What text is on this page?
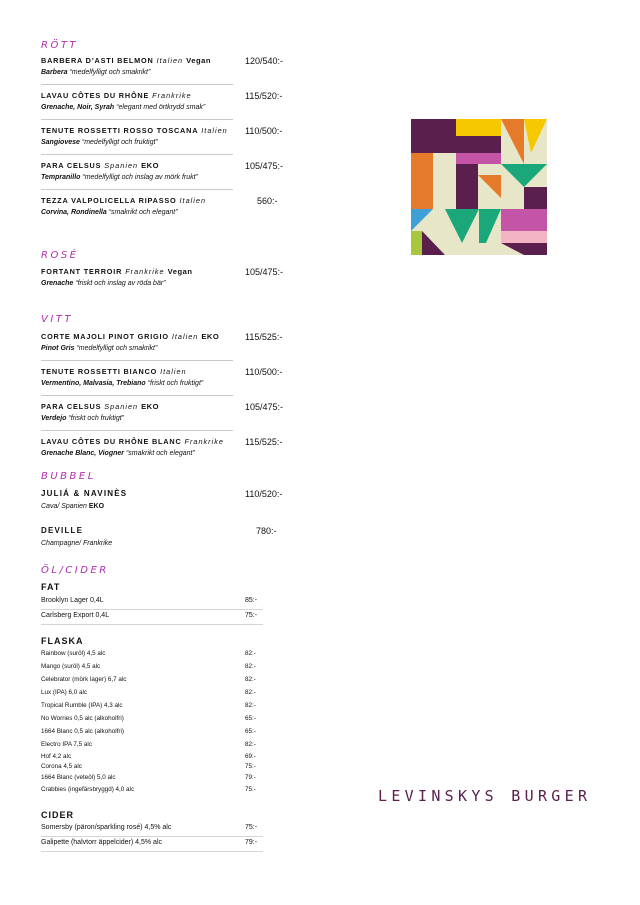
RÖTT
BARBERA D’ASTI BELMON Italien Vegan
Barbera “medelfylligt och smakrikt”
120/540:-
LAVAU CÔTES DU RHÔNE Frankrike
Grenache, Noir, Syrah “elegant med örtkrydd smak”
115/520:-
TENUTE ROSSETTI ROSSO TOSCANA Italien
Sangiovese “medelfylligt och fruktigt”
110/500:-
PARA CELSUS Spanien EKO
Tempranillo “medelfylligt och inslag av mörk frukt”
105/475:-
TEZZA VALPOLICELLA RIPASSO Italien
Corvina, Rondinella “smakrikt och elegant”
560:-
ROSÉ
FORTANT TERROIR Frankrike Vegan
Grenache “friskt och inslag av röda bär”
105/475:-
VITT
CORTE MAJOLI PINOT GRIGIO Italien EKO
Pinot Gris “medelfylligt och smakrikt”
115/525:-
TENUTE ROSSETTI BIANCO Italien
Vermentino, Malvasia, Trebiano “friskt och fruktigt”
110/500:-
PARA CELSUS Spanien EKO
Verdejo “friskt och fruktigt”
105/475:-
LAVAU CÔTES DU RHÔNE BLANC Frankrike
Grenache Blanc, Viogner “smakrikt och elegant”
115/525:-
BUBBEL
JULIÁ & NAVINÈS
Cava/ Spanien EKO
110/520:-
DEVILLE
Champagne/ Frankrike
780:-
ÖL/CIDER
FAT
Brooklyn Lager 0,4L	85:-
Carlsberg Export 0,4L	75:-
FLASKA
Rainbow (suröl) 4,5 alc	82:-
Mango (suröl) 4,5 alc	82:-
Celebrator (mörk lager) 6,7 alc	82:-
Lux (IPA) 6,0 alc	82:-
Tropical Rumble (IPA) 4,3 alc	82:-
No Worries 0,5 alc (alkoholfri)	65:-
1664 Blanc 0,5 alc (alkoholfri)	65:-
Electro IPA 7,5 alc	82:-
Hof 4,2 alc	69:-
Corona 4,5 alc	75:-
1664 Blanc (veteöl) 5,0 alc	79:-
Crabbies (ingefärsbryggd) 4,0 alc	75:-
CIDER
Somersby (päron/sparkling rosé) 4,5% alc	75:-
Galipette (halvtorr äppelcider) 4,5% alc	79:-
LEVINSKYS BURGER
